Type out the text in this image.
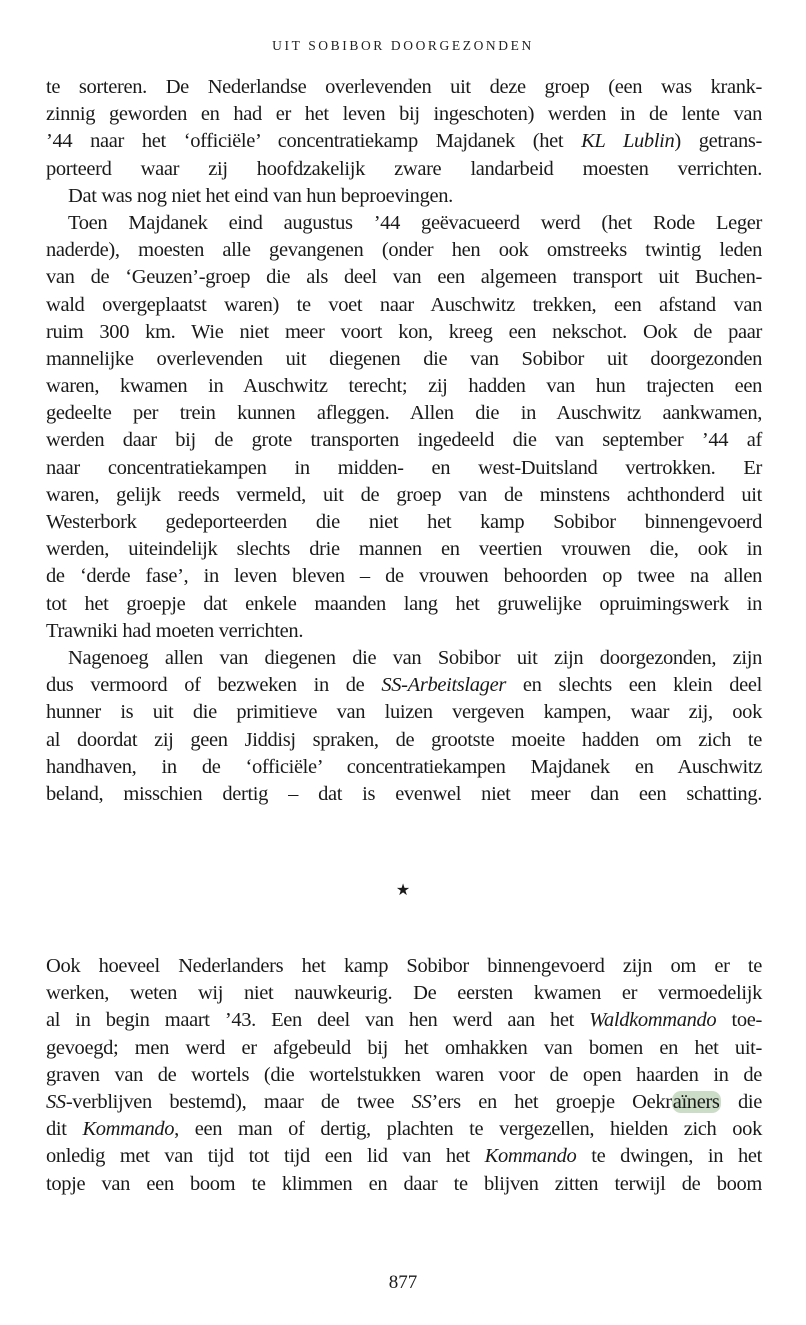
UIT SOBIBOR DOORGEZONDEN
te sorteren. De Nederlandse overlevenden uit deze groep (een was krank-
zinnig geworden en had er het leven bij ingeschoten) werden in de lente van
’44 naar het ‘officiële’ concentratiekamp Majdanek (het KL Lublin) getrans-
porteerd waar zij hoofdzakelijk zware landarbeid moesten verrichten.
Dat was nog niet het eind van hun beproevingen.
Toen Majdanek eind augustus ’44 geëvacueerd werd (het Rode Leger
naderde), moesten alle gevangenen (onder hen ook omstreeks twintig leden
van de ‘Geuzen’-groep die als deel van een algemeen transport uit Buchen-
wald overgeplaatst waren) te voet naar Auschwitz trekken, een afstand van
ruim 300 km. Wie niet meer voort kon, kreeg een nekschot. Ook de paar
mannelijke overlevenden uit diegenen die van Sobibor uit doorgezonden
waren, kwamen in Auschwitz terecht; zij hadden van hun trajecten een
gedeelte per trein kunnen afleggen. Allen die in Auschwitz aankwamen,
werden daar bij de grote transporten ingedeeld die van september ’44 af
naar concentratiekampen in midden- en west-Duitsland vertrokken. Er
waren, gelijk reeds vermeld, uit de groep van de minstens achthonderd uit
Westerbork gedeporteerden die niet het kamp Sobibor binnengevoerd
werden, uiteindelijk slechts drie mannen en veertien vrouwen die, ook in
de ‘derde fase’, in leven bleven – de vrouwen behoorden op twee na allen
tot het groepje dat enkele maanden lang het gruwelijke opruimingswerk in
Trawniki had moeten verrichten.
Nagenoeg allen van diegenen die van Sobibor uit zijn doorgezonden, zijn
dus vermoord of bezweken in de SS-Arbeitslager en slechts een klein deel
hunner is uit die primitieve van luizen vergeven kampen, waar zij, ook
al doordat zij geen Jiddisj spraken, de grootste moeite hadden om zich te
handhaven, in de ‘officiële’ concentratiekampen Majdanek en Auschwitz
beland, misschien dertig – dat is evenwel niet meer dan een schatting.
★
Ook hoeveel Nederlanders het kamp Sobibor binnengevoerd zijn om er te
werken, weten wij niet nauwkeurig. De eersten kwamen er vermoedelijk
al in begin maart ’43. Een deel van hen werd aan het Waldkommando toe-
gevoegd; men werd er afgebeuld bij het omhakken van bomen en het uit-
graven van de wortels (die wortelstukken waren voor de open haarden in de
SS-verblijven bestemd), maar de twee SS’ers en het groepje Oekraïners die
dit Kommando, een man of dertig, plachten te vergezellen, hielden zich ook
onledig met van tijd tot tijd een lid van het Kommando te dwingen, in het
topje van een boom te klimmen en daar te blijven zitten terwijl de boom
877
